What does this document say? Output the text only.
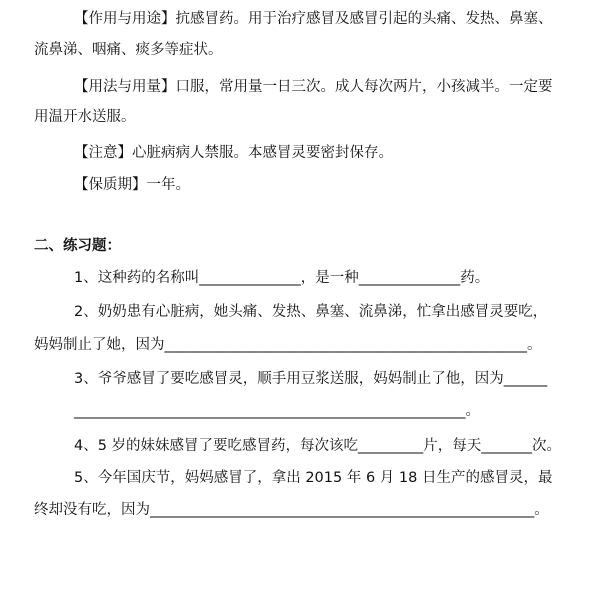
【作用与用途】抗感冒药。用于治疗感冒及感冒引起的头痛、发热、鼻塞、
流鼻涕、咽痛、痰多等症状。
【用法与用量】口服，常用量一日三次。成人每次两片，小孩减半。一定要
用温开水送服。
【注意】心脏病病人禁服。本感冒灵要密封保存。
【保质期】一年。
二、练习题：
1、这种药的名称叫______________，是一种______________药。
2、奶奶患有心脏病，她头痛、发热、鼻塞、流鼻涕，忙拿出感冒灵要吃，
妈妈制止了她，因为__________________________________________________。
3、爷爷感冒了要吃感冒灵，顺手用豆浆送服，妈妈制止了他，因为______
______________________________________________________。
4、5 岁的妹妹感冒了要吃感冒药，每次该吃_________片，每天_______次。
5、今年国庆节，妈妈感冒了，拿出 2015 年 6 月 18 日生产的感冒灵，最
终却没有吃，因为_____________________________________________________。
